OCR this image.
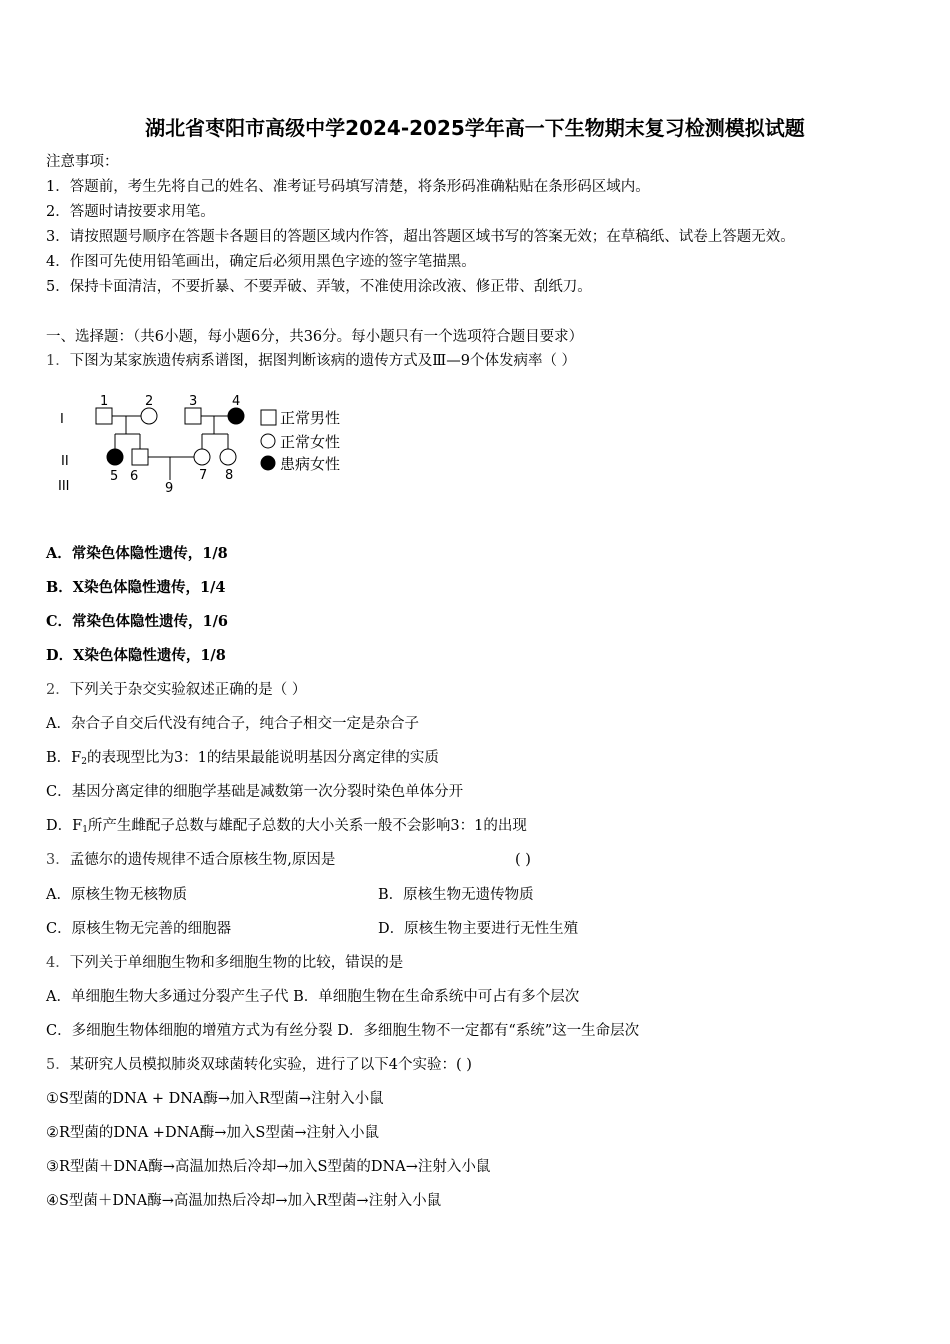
湖北省枣阳市高级中学2024-2025学年高一下生物期末复习检测模拟试题
注意事项：
1．答题前，考生先将自己的姓名、准考证号码填写清楚，将条形码准确粘贴在条形码区域内。
2．答题时请按要求用笔。
3．请按照题号顺序在答题卡各题目的答题区域内作答，超出答题区域书写的答案无效；在草稿纸、试卷上答题无效。
4．作图可先使用铅笔画出，确定后必须用黑色字迹的签字笔描黑。
5．保持卡面清洁，不要折暴、不要弄破、弄皱，不准使用涂改液、修正带、刮纸刀。
一、选择题：（共6小题，每小题6分，共36分。每小题只有一个选项符合题目要求）
1．下图为某家族遗传病系谱图，据图判断该病的遗传方式及Ⅲ—9个体发病率（ ）
1	2	3	4
5 6	7 8
9
I
II
III
正常男性
正常女性
患病女性
A．常染色体隐性遗传，1/8
B．X染色体隐性遗传，1/4
C．常染色体隐性遗传，1/6
D．X染色体隐性遗传，1/8
2．下列关于杂交实验叙述正确的是（ ）
A．杂合子自交后代没有纯合子，纯合子相交一定是杂合子
B．$F_2$的表现型比为3：1的结果最能说明基因分离定律的实质
C．基因分离定律的细胞学基础是减数第一次分裂时染色单体分开
D．$F_1$所产生雌配子总数与雄配子总数的大小关系一般不会影响3：1的出现
3．孟德尔的遗传规律不适合原核生物,原因是	( )
A．原核生物无核物质	B．原核生物无遗传物质
C．原核生物无完善的细胞器	D．原核生物主要进行无性生殖
4．下列关于单细胞生物和多细胞生物的比较，错误的是
A．单细胞生物大多通过分裂产生子代 B．单细胞生物在生命系统中可占有多个层次
C．多细胞生物体细胞的增殖方式为有丝分裂 D．多细胞生物不一定都有“系统”这一生命层次
5．某研究人员模拟肺炎双球菌转化实验，进行了以下4个实验：( )
①S型菌的DNA + DNA酶→加入R型菌→注射入小鼠
②R型菌的DNA +DNA酶→加入S型菌→注射入小鼠
③R型菌＋DNA酶→高温加热后冷却→加入S型菌的DNA→注射入小鼠
④S型菌＋DNA酶→高温加热后冷却→加入R型菌→注射入小鼠
